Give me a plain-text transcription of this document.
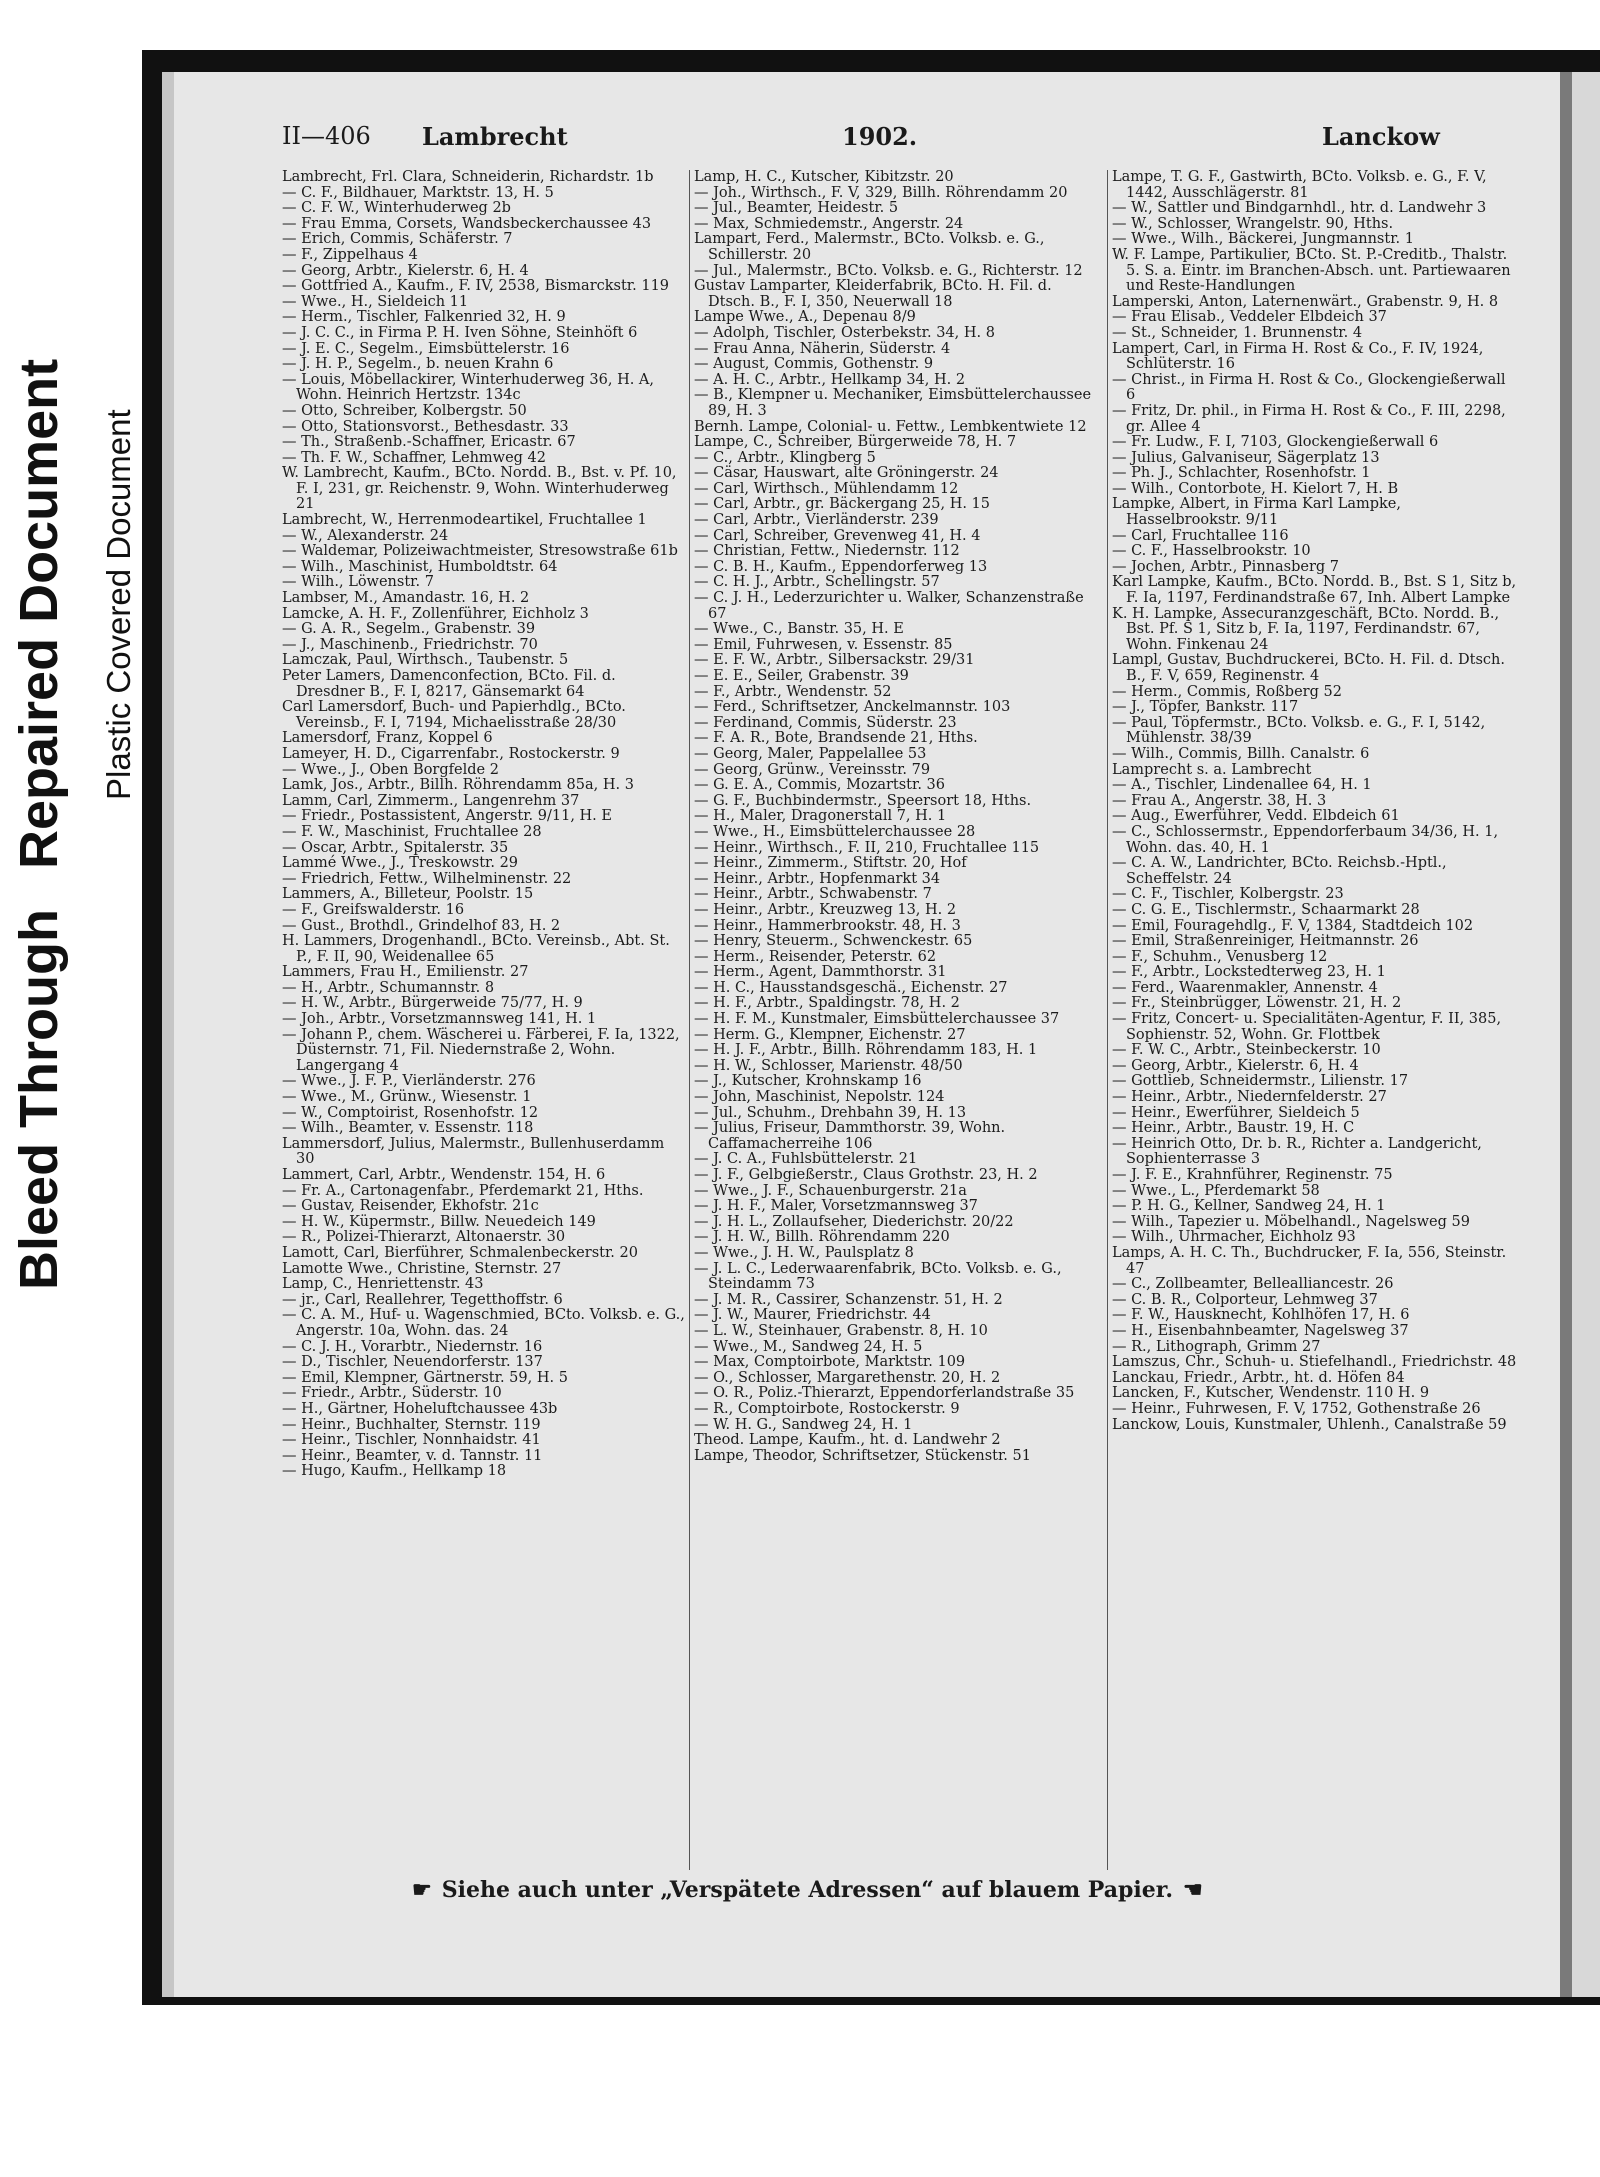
Bleed ThroughRepaired Document Plastic Covered Document
II—406 Lambrecht	1902.	Lanckow

Lambrecht, Frl. Clara, Schneiderin, Richardstr. 1b

— C. F., Bildhauer, Marktstr. 13, H. 5

— C. F. W., Winterhuderweg 2b

— Frau Emma, Corsets, Wandsbeckerchaussee 43

— Erich, Commis, Schäferstr. 7

— F., Zippelhaus 4

— Georg, Arbtr., Kielerstr. 6, H. 4

— Gottfried A., Kaufm., F. IV, 2538, Bismarckstr. 119

— Wwe., H., Sieldeich 11

— Herm., Tischler, Falkenried 32, H. 9

— J. C. C., in Firma P. H. Iven Söhne, Steinhöft 6

— J. E. C., Segelm., Eimsbüttelerstr. 16

— J. H. P., Segelm., b. neuen Krahn 6

— Louis, Möbellackirer, Winterhuderweg 36, H. A, Wohn. Heinrich Hertzstr. 134c

— Otto, Schreiber, Kolbergstr. 50

— Otto, Stationsvorst., Bethesdastr. 33

— Th., Straßenb.-Schaffner, Ericastr. 67

— Th. F. W., Schaffner, Lehmweg 42

W. Lambrecht, Kaufm., BCto. Nordd. B., Bst. v. Pf. 10, F. I, 231, gr. Reichenstr. 9, Wohn. Winterhuderweg 21

Lambrecht, W., Herrenmodeartikel, Fruchtallee 1

— W., Alexanderstr. 24

— Waldemar, Polizeiwachtmeister, Stresowstraße 61b

— Wilh., Maschinist, Humboldtstr. 64

— Wilh., Löwenstr. 7

Lambser, M., Amandastr. 16, H. 2

Lamcke, A. H. F., Zollenführer, Eichholz 3

— G. A. R., Segelm., Grabenstr. 39

— J., Maschinenb., Friedrichstr. 70

Lamczak, Paul, Wirthsch., Taubenstr. 5

Peter Lamers, Damenconfection, BCto. Fil. d. Dresdner B., F. I, 8217, Gänsemarkt 64

Carl Lamersdorf, Buch- und Papierhdlg., BCto. Vereinsb., F. I, 7194, Michaelisstraße 28/30

Lamersdorf, Franz, Koppel 6

Lameyer, H. D., Cigarrenfabr., Rostockerstr. 9

— Wwe., J., Oben Borgfelde 2

Lamk, Jos., Arbtr., Billh. Röhrendamm 85a, H. 3

Lamm, Carl, Zimmerm., Langenrehm 37

— Friedr., Postassistent, Angerstr. 9/11, H. E

— F. W., Maschinist, Fruchtallee 28

— Oscar, Arbtr., Spitalerstr. 35

Lammé Wwe., J., Treskowstr. 29

— Friedrich, Fettw., Wilhelminenstr. 22

Lammers, A., Billeteur, Poolstr. 15

— F., Greifswalderstr. 16

— Gust., Brothdl., Grindelhof 83, H. 2

H. Lammers, Drogenhandl., BCto. Vereinsb., Abt. St. P., F. II, 90, Weidenallee 65

Lammers, Frau H., Emilienstr. 27

— H., Arbtr., Schumannstr. 8

— H. W., Arbtr., Bürgerweide 75/77, H. 9

— Joh., Arbtr., Vorsetzmannsweg 141, H. 1

— Johann P., chem. Wäscherei u. Färberei, F. Ia, 1322, Düsternstr. 71, Fil. Niedernstraße 2, Wohn. Langergang 4

— Wwe., J. F. P., Vierländerstr. 276

— Wwe., M., Grünw., Wiesenstr. 1

— W., Comptoirist, Rosenhofstr. 12

— Wilh., Beamter, v. Essenstr. 118

Lammersdorf, Julius, Malermstr., Bullenhuserdamm 30

Lammert, Carl, Arbtr., Wendenstr. 154, H. 6

— Fr. A., Cartonagenfabr., Pferdemarkt 21, Hths.

— Gustav, Reisender, Ekhofstr. 21c

— H. W., Küpermstr., Billw. Neuedeich 149

— R., Polizei-Thierarzt, Altonaerstr. 30

Lamott, Carl, Bierführer, Schmalenbeckerstr. 20

Lamotte Wwe., Christine, Sternstr. 27

Lamp, C., Henriettenstr. 43

— jr., Carl, Reallehrer, Tegetthoffstr. 6

— C. A. M., Huf- u. Wagenschmied, BCto. Volksb. e. G., Angerstr. 10a, Wohn. das. 24

— C. J. H., Vorarbtr., Niedernstr. 16

— D., Tischler, Neuendorferstr. 137

— Emil, Klempner, Gärtnerstr. 59, H. 5

— Friedr., Arbtr., Süderstr. 10

— H., Gärtner, Hoheluftchaussee 43b

— Heinr., Buchhalter, Sternstr. 119

— Heinr., Tischler, Nonnhaidstr. 41

— Heinr., Beamter, v. d. Tannstr. 11

— Hugo, Kaufm., Hellkamp 18

Lamp, H. C., Kutscher, Kibitzstr. 20

— Joh., Wirthsch., F. V, 329, Billh. Röhrendamm 20

— Jul., Beamter, Heidestr. 5

— Max, Schmiedemstr., Angerstr. 24

Lampart, Ferd., Malermstr., BCto. Volksb. e. G., Schillerstr. 20

— Jul., Malermstr., BCto. Volksb. e. G., Richterstr. 12

Gustav Lamparter, Kleiderfabrik, BCto. H. Fil. d. Dtsch. B., F. I, 350, Neuerwall 18

Lampe Wwe., A., Depenau 8/9

— Adolph, Tischler, Osterbekstr. 34, H. 8

— Frau Anna, Näherin, Süderstr. 4

— August, Commis, Gothenstr. 9

— A. H. C., Arbtr., Hellkamp 34, H. 2

— B., Klempner u. Mechaniker, Eimsbüttelerchaussee 89, H. 3

Bernh. Lampe, Colonial- u. Fettw., Lembkentwiete 12

Lampe, C., Schreiber, Bürgerweide 78, H. 7

— C., Arbtr., Klingberg 5

— Cäsar, Hauswart, alte Gröningerstr. 24

— Carl, Wirthsch., Mühlendamm 12

— Carl, Arbtr., gr. Bäckergang 25, H. 15

— Carl, Arbtr., Vierländerstr. 239

— Carl, Schreiber, Grevenweg 41, H. 4

— Christian, Fettw., Niedernstr. 112

— C. B. H., Kaufm., Eppendorferweg 13

— C. H. J., Arbtr., Schellingstr. 57

— C. J. H., Lederzurichter u. Walker, Schanzenstraße 67

— Wwe., C., Banstr. 35, H. E

— Emil, Fuhrwesen, v. Essenstr. 85

— E. F. W., Arbtr., Silbersackstr. 29/31

— E. E., Seiler, Grabenstr. 39

— F., Arbtr., Wendenstr. 52

— Ferd., Schriftsetzer, Anckelmannstr. 103

— Ferdinand, Commis, Süderstr. 23

— F. A. R., Bote, Brandsende 21, Hths.

— Georg, Maler, Pappelallee 53

— Georg, Grünw., Vereinsstr. 79

— G. E. A., Commis, Mozartstr. 36

— G. F., Buchbindermstr., Speersort 18, Hths.

— H., Maler, Dragonerstall 7, H. 1

— Wwe., H., Eimsbüttelerchaussee 28

— Heinr., Wirthsch., F. II, 210, Fruchtallee 115

— Heinr., Zimmerm., Stiftstr. 20, Hof

— Heinr., Arbtr., Hopfenmarkt 34

— Heinr., Arbtr., Schwabenstr. 7

— Heinr., Arbtr., Kreuzweg 13, H. 2

— Heinr., Hammerbrookstr. 48, H. 3

— Henry, Steuerm., Schwenckestr. 65

— Herm., Reisender, Peterstr. 62

— Herm., Agent, Dammthorstr. 31

— H. C., Hausstandsgeschä., Eichenstr. 27

— H. F., Arbtr., Spaldingstr. 78, H. 2

— H. F. M., Kunstmaler, Eimsbüttelerchaussee 37

— Herm. G., Klempner, Eichenstr. 27

— H. J. F., Arbtr., Billh. Röhrendamm 183, H. 1

— H. W., Schlosser, Marienstr. 48/50

— J., Kutscher, Krohnskamp 16

— John, Maschinist, Nepolstr. 124

— Jul., Schuhm., Drehbahn 39, H. 13

— Julius, Friseur, Dammthorstr. 39, Wohn. Caffamacherreihe 106

— J. C. A., Fuhlsbüttelerstr. 21

— J. F., Gelbgießerstr., Claus Grothstr. 23, H. 2

— Wwe., J. F., Schauenburgerstr. 21a

— J. H. F., Maler, Vorsetzmannsweg 37

— J. H. L., Zollaufseher, Diederichstr. 20/22

— J. H. W., Billh. Röhrendamm 220

— Wwe., J. H. W., Paulsplatz 8

— J. L. C., Lederwaarenfabrik, BCto. Volksb. e. G., Steindamm 73

— J. M. R., Cassirer, Schanzenstr. 51, H. 2

— J. W., Maurer, Friedrichstr. 44

— L. W., Steinhauer, Grabenstr. 8, H. 10

— Wwe., M., Sandweg 24, H. 5

— Max, Comptoirbote, Marktstr. 109

— O., Schlosser, Margarethenstr. 20, H. 2

— O. R., Poliz.-Thierarzt, Eppendorferlandstraße 35

— R., Comptoirbote, Rostockerstr. 9

— W. H. G., Sandweg 24, H. 1

Theod. Lampe, Kaufm., ht. d. Landwehr 2

Lampe, Theodor, Schriftsetzer, Stückenstr. 51

Lampe, T. G. F., Gastwirth, BCto. Volksb. e. G., F. V, 1442, Ausschlägerstr. 81

— W., Sattler und Bindgarnhdl., htr. d. Landwehr 3

— W., Schlosser, Wrangelstr. 90, Hths.

— Wwe., Wilh., Bäckerei, Jungmannstr. 1

W. F. Lampe, Partikulier, BCto. St. P.-Creditb., Thalstr. 5. S. a. Eintr. im Branchen-Absch. unt. Partiewaaren und Reste-Handlungen

Lamperski, Anton, Laternenwärt., Grabenstr. 9, H. 8

— Frau Elisab., Veddeler Elbdeich 37

— St., Schneider, 1. Brunnenstr. 4

Lampert, Carl, in Firma H. Rost & Co., F. IV, 1924, Schlüterstr. 16

— Christ., in Firma H. Rost & Co., Glockengießerwall 6

— Fritz, Dr. phil., in Firma H. Rost & Co., F. III, 2298, gr. Allee 4

— Fr. Ludw., F. I, 7103, Glockengießerwall 6

— Julius, Galvaniseur, Sägerplatz 13

— Ph. J., Schlachter, Rosenhofstr. 1

— Wilh., Contorbote, H. Kielort 7, H. B

Lampke, Albert, in Firma Karl Lampke, Hasselbrookstr. 9/11

— Carl, Fruchtallee 116

— C. F., Hasselbrookstr. 10

— Jochen, Arbtr., Pinnasberg 7

Karl Lampke, Kaufm., BCto. Nordd. B., Bst. S 1, Sitz b, F. Ia, 1197, Ferdinandstraße 67, Inh. Albert Lampke

K. H. Lampke, Assecuranzgeschäft, BCto. Nordd. B., Bst. Pf. S 1, Sitz b, F. Ia, 1197, Ferdinandstr. 67, Wohn. Finkenau 24

Lampl, Gustav, Buchdruckerei, BCto. H. Fil. d. Dtsch. B., F. V, 659, Reginenstr. 4

— Herm., Commis, Roßberg 52

— J., Töpfer, Bankstr. 117

— Paul, Töpfermstr., BCto. Volksb. e. G., F. I, 5142, Mühlenstr. 38/39

— Wilh., Commis, Billh. Canalstr. 6

Lamprecht s. a. Lambrecht

— A., Tischler, Lindenallee 64, H. 1

— Frau A., Angerstr. 38, H. 3

— Aug., Ewerführer, Vedd. Elbdeich 61

— C., Schlossermstr., Eppendorferbaum 34/36, H. 1, Wohn. das. 40, H. 1

— C. A. W., Landrichter, BCto. Reichsb.-Hptl., Scheffelstr. 24

— C. F., Tischler, Kolbergstr. 23

— C. G. E., Tischlermstr., Schaarmarkt 28

— Emil, Fouragehdlg., F. V, 1384, Stadtdeich 102

— Emil, Straßenreiniger, Heitmannstr. 26

— F., Schuhm., Venusberg 12

— F., Arbtr., Lockstedterweg 23, H. 1

— Ferd., Waarenmakler, Annenstr. 4

— Fr., Steinbrügger, Löwenstr. 21, H. 2

— Fritz, Concert- u. Specialitäten-Agentur, F. II, 385, Sophienstr. 52, Wohn. Gr. Flottbek

— F. W. C., Arbtr., Steinbeckerstr. 10

— Georg, Arbtr., Kielerstr. 6, H. 4

— Gottlieb, Schneidermstr., Lilienstr. 17

— Heinr., Arbtr., Niedernfelderstr. 27

— Heinr., Ewerführer, Sieldeich 5

— Heinr., Arbtr., Baustr. 19, H. C

— Heinrich Otto, Dr. b. R., Richter a. Landgericht, Sophienterrasse 3

— J. F. E., Krahnführer, Reginenstr. 75

— Wwe., L., Pferdemarkt 58

— P. H. G., Kellner, Sandweg 24, H. 1

— Wilh., Tapezier u. Möbelhandl., Nagelsweg 59

— Wilh., Uhrmacher, Eichholz 93

Lamps, A. H. C. Th., Buchdrucker, F. Ia, 556, Steinstr. 47

— C., Zollbeamter, Bellealliancestr. 26

— C. B. R., Colporteur, Lehmweg 37

— F. W., Hausknecht, Kohlhöfen 17, H. 6

— H., Eisenbahnbeamter, Nagelsweg 37

— R., Lithograph, Grimm 27

Lamszus, Chr., Schuh- u. Stiefelhandl., Friedrichstr. 48

Lanckau, Friedr., Arbtr., ht. d. Höfen 84

Lancken, F., Kutscher, Wendenstr. 110 H. 9

— Heinr., Fuhrwesen, F. V, 1752, Gothenstraße 26

Lanckow, Louis, Kunstmaler, Uhlenh., Canalstraße 59

☛ Siehe auch unter „Verspätete Adressen“ auf blauem Papier. ☚
